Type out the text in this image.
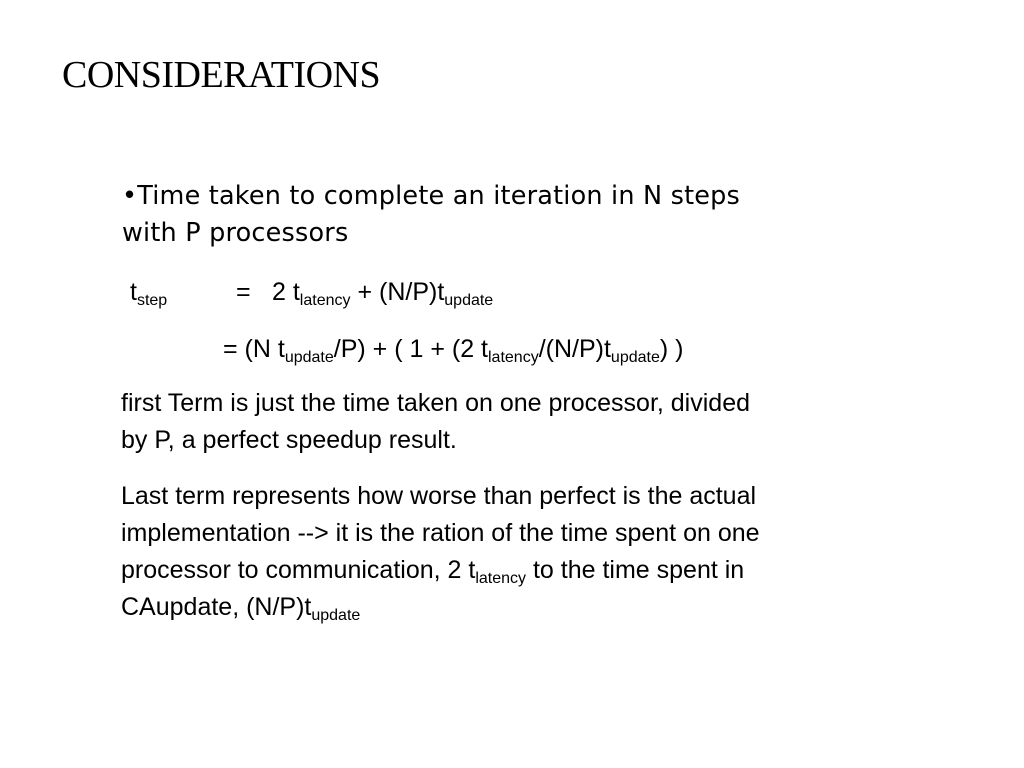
CONSIDERATIONS
•Time taken to complete an iteration in N steps
with P processors
$t_{step}$	= 2 $t_{latency} + (N/P)t_{update}$
= (N $t_{update}/P$) + ( 1 + (2 $t_{latency}/(N/P)t_{update}$) )
first Term is just the time taken on one processor, divided
by P, a perfect speedup result.
Last term represents how worse than perfect is the actual
implementation --> it is the ration of the time spent on one
processor to communication, 2 $t_{latency}$ to the time spent in
CAupdate, $(N/P)t_{update}$
